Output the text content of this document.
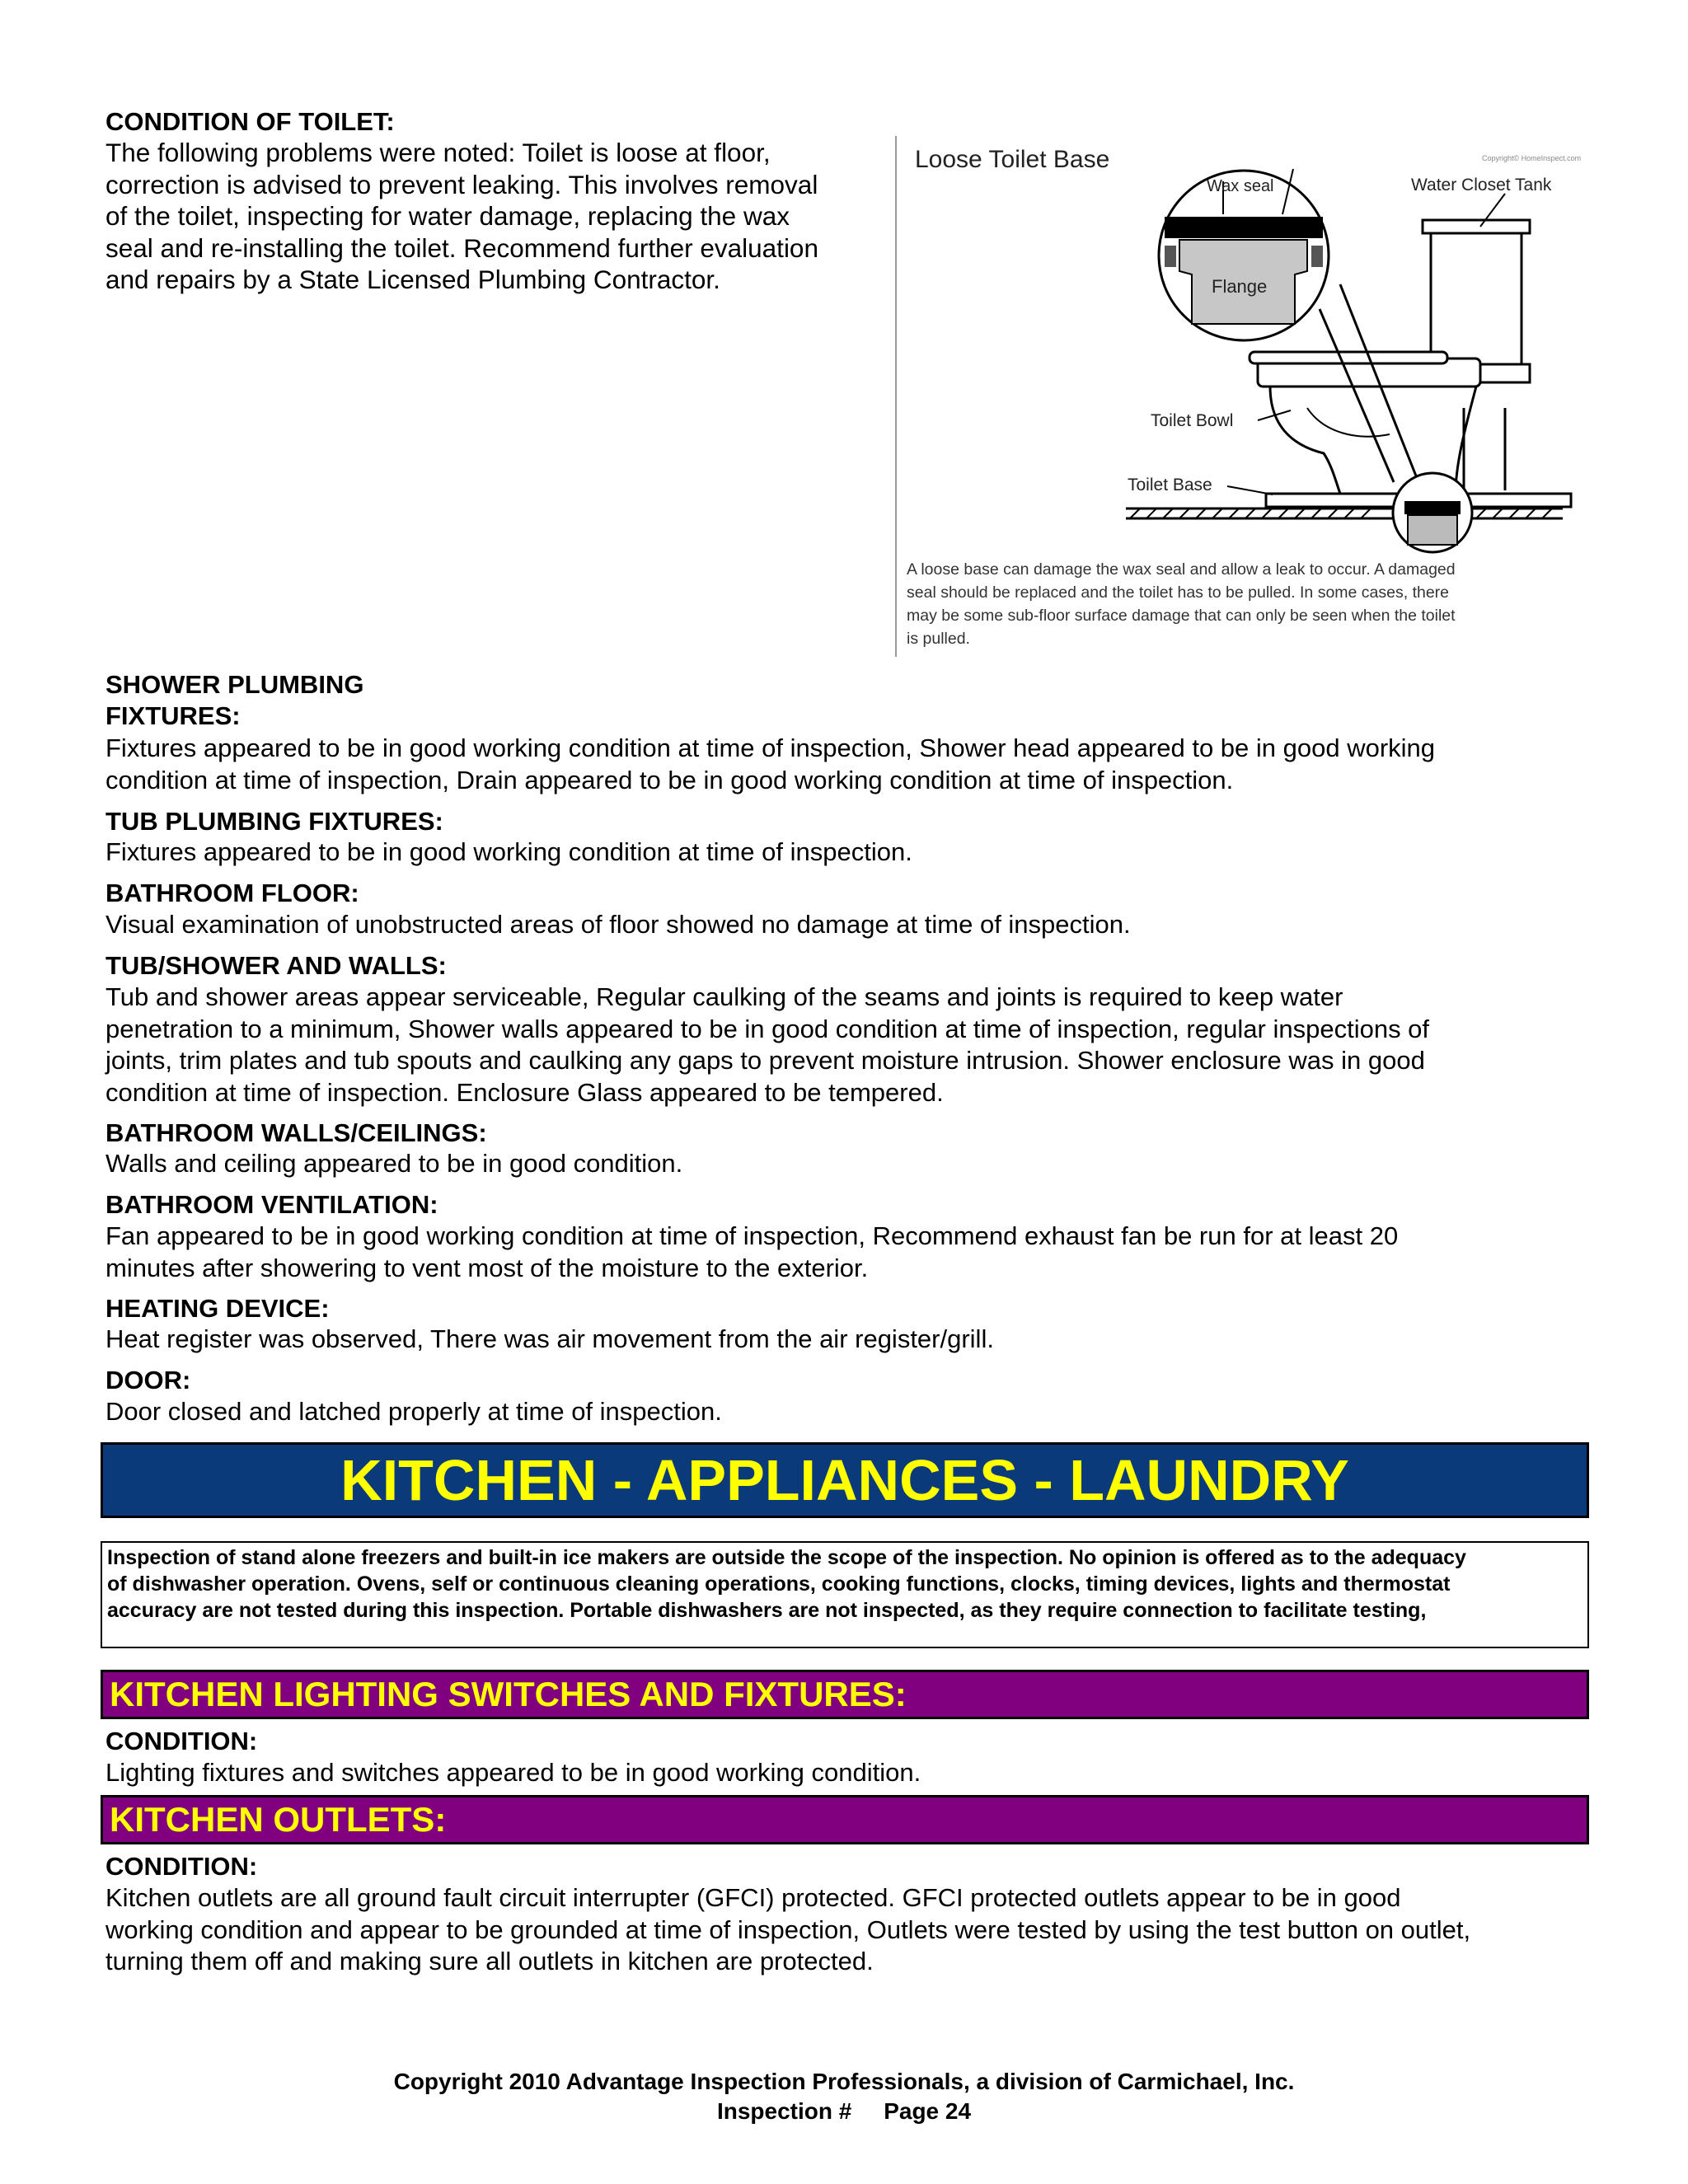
CONDITION OF TOILET:
The following problems were noted: Toilet is loose at floor,
correction is advised to prevent leaking. This involves removal
of the toilet, inspecting for water damage, replacing the wax
seal and re-installing the toilet. Recommend further evaluation
and repairs by a State Licensed Plumbing Contractor.
Loose Toilet Base	Copyright© HomeInspect.com
Wax seal	Water Closet Tank
Flange
Toilet Bowl
Toilet Base
A loose base can damage the wax seal and allow a leak to occur. A damaged
seal should be replaced and the toilet has to be pulled. In some cases, there
may be some sub-floor surface damage that can only be seen when the toilet
is pulled.
SHOWER PLUMBING
FIXTURES:
Fixtures appeared to be in good working condition at time of inspection, Shower head appeared to be in good working
condition at time of inspection, Drain appeared to be in good working condition at time of inspection.
TUB PLUMBING FIXTURES:
Fixtures appeared to be in good working condition at time of inspection.
BATHROOM FLOOR:
Visual examination of unobstructed areas of floor showed no damage at time of inspection.
TUB/SHOWER AND WALLS:
Tub and shower areas appear serviceable, Regular caulking of the seams and joints is required to keep water
penetration to a minimum, Shower walls appeared to be in good condition at time of inspection, regular inspections of
joints, trim plates and tub spouts and caulking any gaps to prevent moisture intrusion. Shower enclosure was in good
condition at time of inspection. Enclosure Glass appeared to be tempered.
BATHROOM WALLS/CEILINGS:
Walls and ceiling appeared to be in good condition.
BATHROOM VENTILATION:
Fan appeared to be in good working condition at time of inspection, Recommend exhaust fan be run for at least 20
minutes after showering to vent most of the moisture to the exterior.
HEATING DEVICE:
Heat register was observed, There was air movement from the air register/grill.
DOOR:
Door closed and latched properly at time of inspection.
KITCHEN - APPLIANCES - LAUNDRY
Inspection of stand alone freezers and built-in ice makers are outside the scope of the inspection. No opinion is offered as to the adequacy
of dishwasher operation. Ovens, self or continuous cleaning operations, cooking functions, clocks, timing devices, lights and thermostat
accuracy are not tested during this inspection. Portable dishwashers are not inspected, as they require connection to facilitate testing,
KITCHEN LIGHTING SWITCHES AND FIXTURES:
CONDITION:
Lighting fixtures and switches appeared to be in good working condition.
KITCHEN OUTLETS:
CONDITION:
Kitchen outlets are all ground fault circuit interrupter (GFCI) protected. GFCI protected outlets appear to be in good
working condition and appear to be grounded at time of inspection, Outlets were tested by using the test button on outlet,
turning them off and making sure all outlets in kitchen are protected.
Copyright 2010 Advantage Inspection Professionals, a division of Carmichael, Inc.
Inspection #     Page 24
